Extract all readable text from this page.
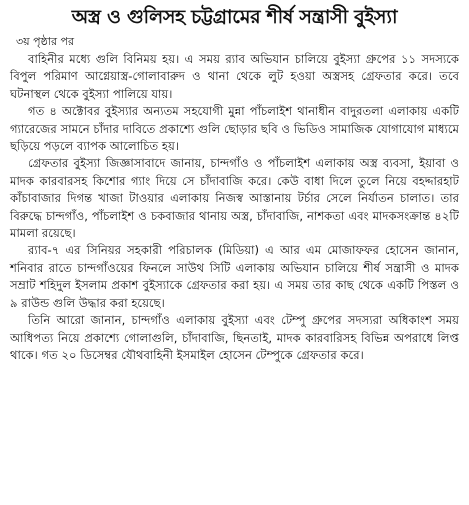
অস্ত্র ও গুলিসহ চট্টগ্রামের শীর্ষ সন্ত্রাসী বুইস্যা
৩য় পৃষ্ঠার পর

বাহিনীর মধ্যে গুলি বিনিময় হয়। এ সময় র‍্যাব অভিযান চালিয়ে বুইস্যা গ্রুপের ১১ সদস্যকে বিপুল পরিমাণ আগ্নেয়াস্ত্র-গোলাবারুদ ও থানা থেকে লুট হওয়া অস্ত্রসহ গ্রেফতার করে। তবে ঘটনাস্থল থেকে বুইস্যা পালিয়ে যায়।

গত ৪ অক্টোবর বুইস্যার অন্যতম সহযোগী মুন্না পাঁচলাইশ থানাধীন বাদুরতলা এলাকায় একটি গ্যারেজের সামনে চাঁদার দাবিতে প্রকাশ্যে গুলি ছোড়ার ছবি ও ভিডিও সামাজিক যোগাযোগ মাধ্যমে ছড়িয়ে পড়লে ব্যাপক আলোচিত হয়।

গ্রেফতার বুইস্যা জিজ্ঞাসাবাদে জানায়, চান্দগাঁও ও পাঁচলাইশ এলাকায় অস্ত্র ব্যবসা, ইয়াবা ও মাদক কারবারসহ কিশোর গ্যাং দিয়ে সে চাঁদাবাজি করে। কেউ বাধা দিলে তুলে নিয়ে বহদ্দারহাট কাঁচাবাজার দিগন্ত খাজা টাওয়ার এলাকায় নিজস্ব আস্তানায় টর্চার সেলে নির্যাতন চালাত। তার বিরুদ্ধে চান্দগাঁও, পাঁচলাইশ ও চকবাজার থানায় অস্ত্র, চাঁদাবাজি, নাশকতা এবং মাদকসংক্রান্ত ৪২টি মামলা রয়েছে।

র‍্যাব-৭ এর সিনিয়র সহকারী পরিচালক (মিডিয়া) এ আর এম মোজাফফর হোসেন জানান, শনিবার রাতে চান্দগাঁওয়ের ফিনলে সাউথ সিটি এলাকায় অভিযান চালিয়ে শীর্ষ সন্ত্রাসী ও মাদক সম্রাট শহিদুল ইসলাম প্রকাশ বুইস্যাকে গ্রেফতার করা হয়। এ সময় তার কাছ থেকে একটি পিস্তল ও ৯ রাউন্ড গুলি উদ্ধার করা হয়েছে।

তিনি আরো জানান, চান্দগাঁও এলাকায় বুইস্যা এবং টেম্পু গ্রুপের সদস্যরা অধিকাংশ সময় আধিপত্য নিয়ে প্রকাশ্যে গোলাগুলি, চাঁদাবাজি, ছিনতাই, মাদক কারবারিসহ বিভিন্ন অপরাধে লিপ্ত থাকে। গত ২০ ডিসেম্বর যৌথবাহিনী ইসমাইল হোসেন টেম্পুকে গ্রেফতার করে।
